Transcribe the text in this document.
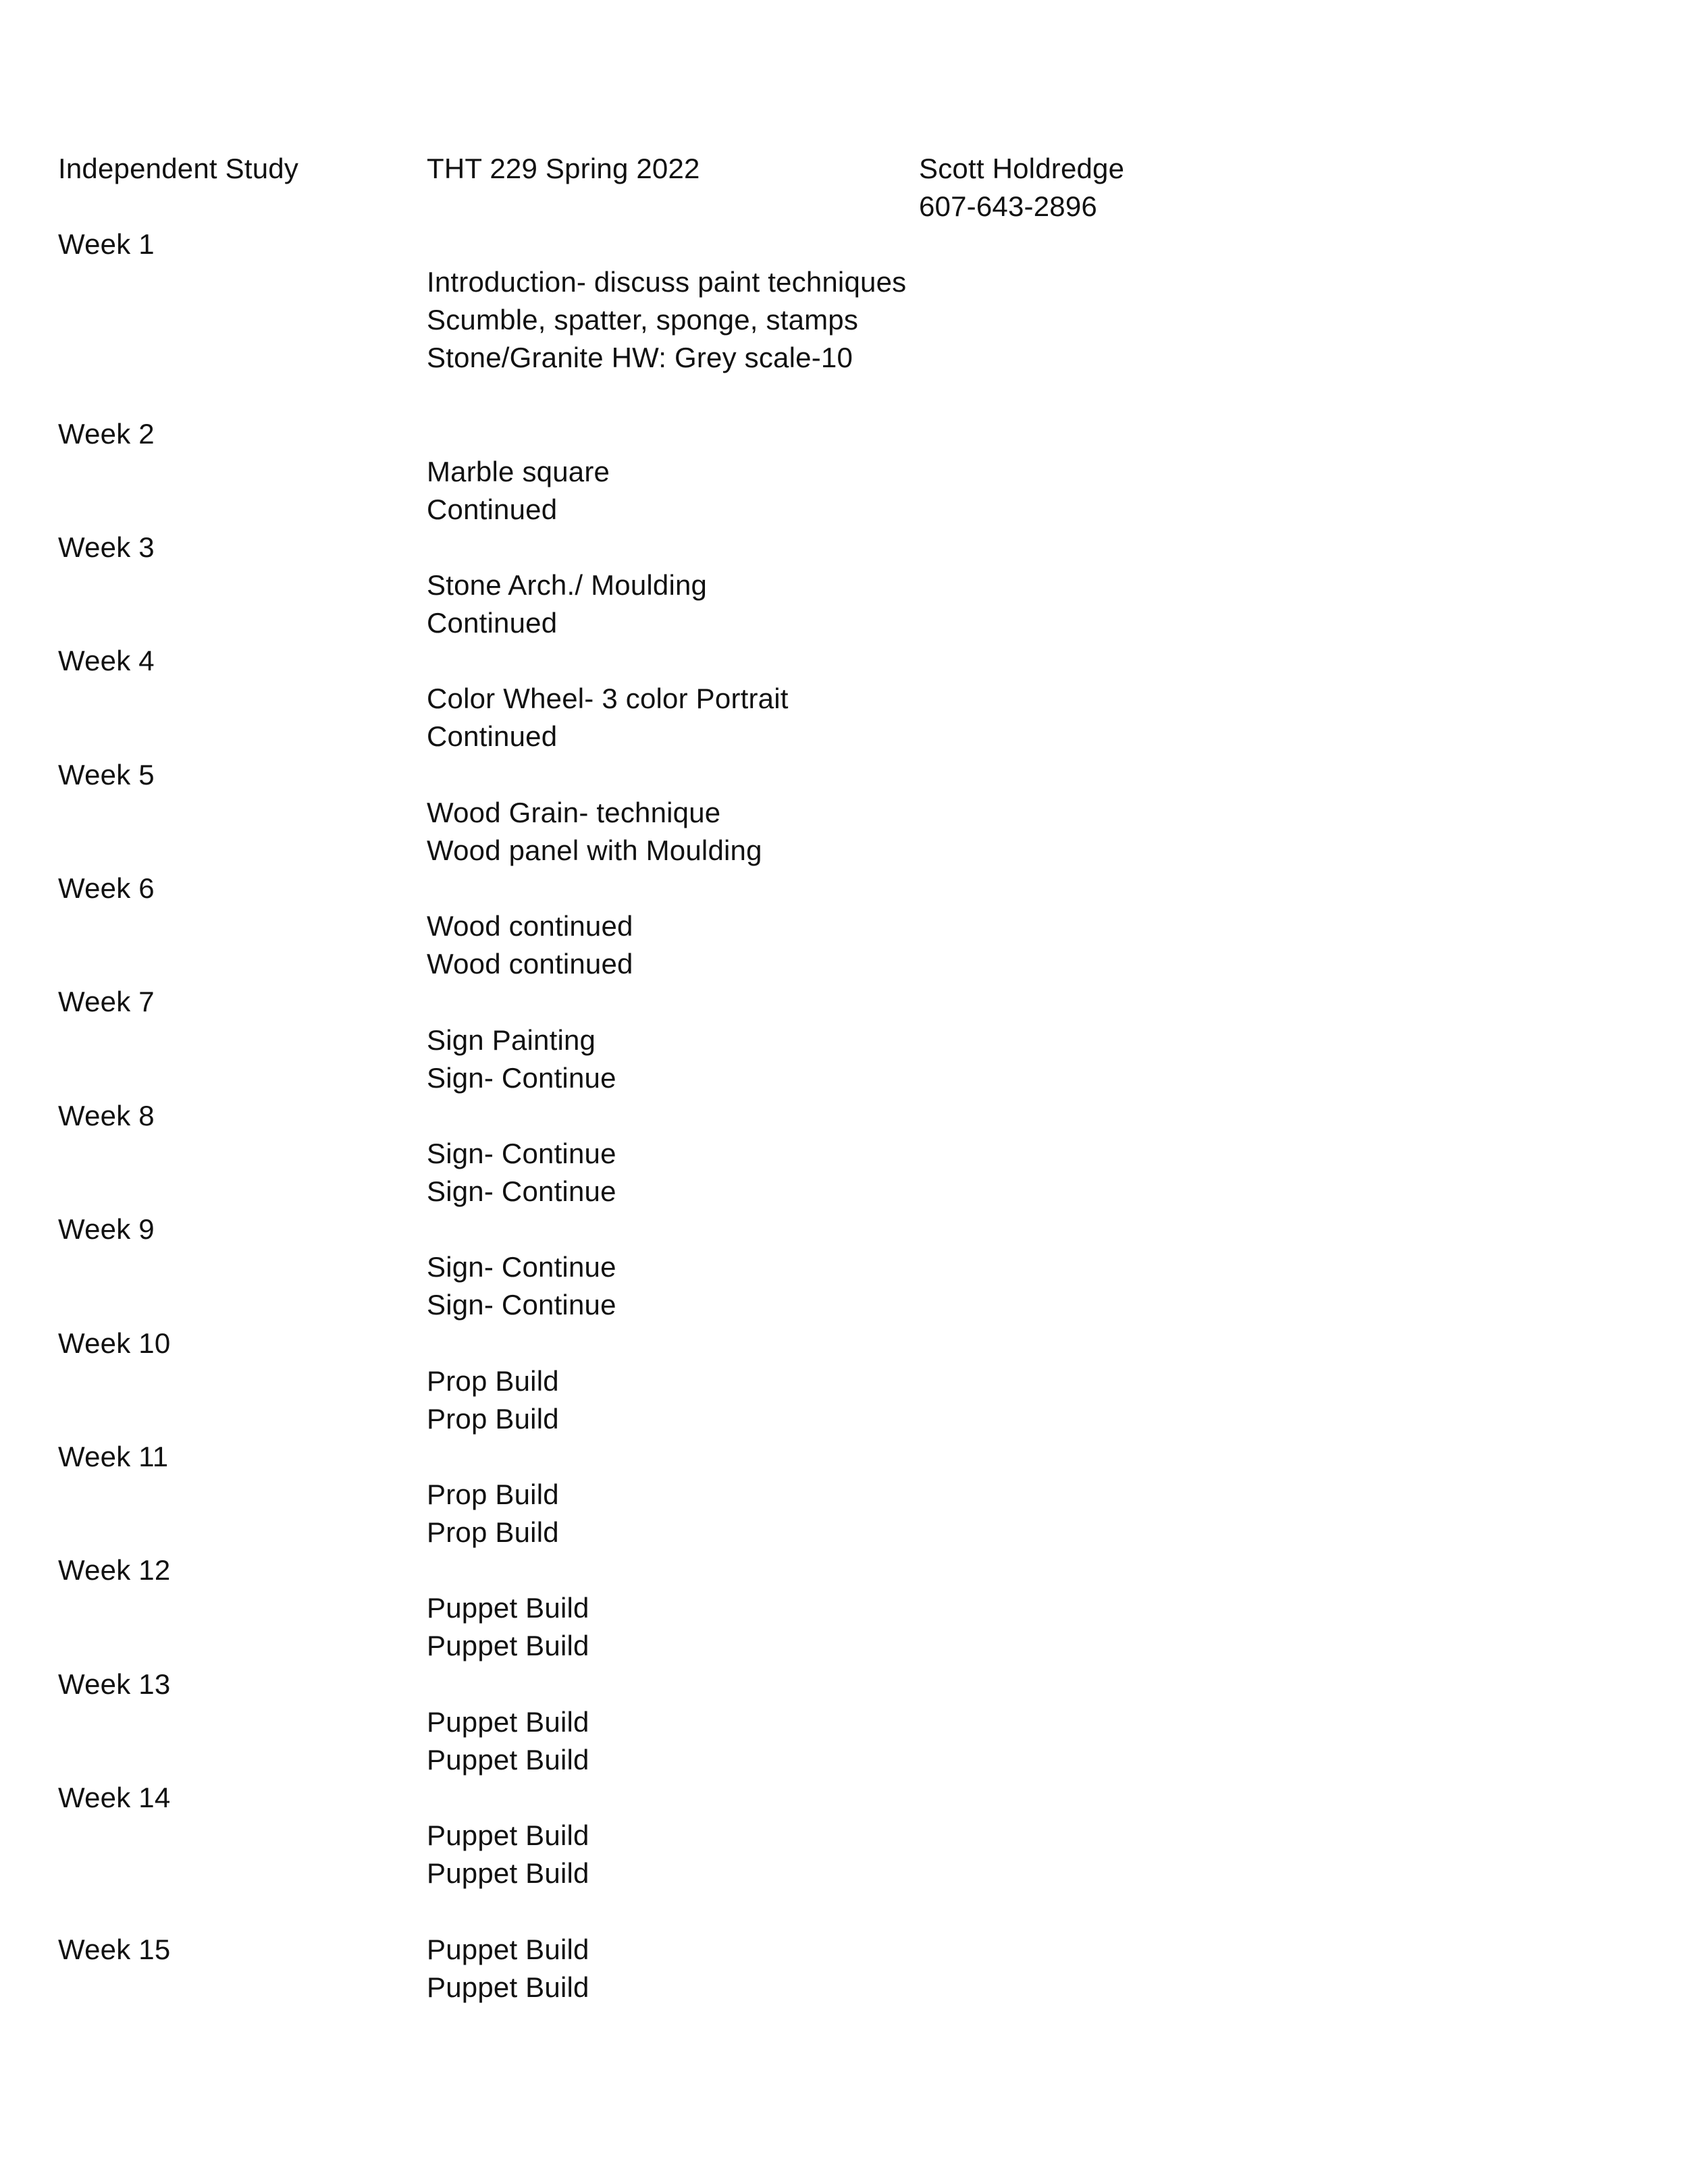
Independent Study	THT 229 Spring 2022	Scott Holdredge
607-643-2896
Week 1
Introduction- discuss paint techniques
Scumble, spatter, sponge, stamps
Stone/Granite HW: Grey scale-10
Week 2
Marble square
Continued
Week 3
Stone Arch./ Moulding
Continued
Week 4
Color Wheel- 3 color Portrait
Continued
Week 5
Wood Grain- technique
Wood panel with Moulding
Week 6
Wood continued
Wood continued
Week 7
Sign Painting
Sign- Continue
Week 8
Sign- Continue
Sign- Continue
Week 9
Sign- Continue
Sign- Continue
Week 10
Prop Build
Prop Build
Week 11
Prop Build
Prop Build
Week 12
Puppet Build
Puppet Build
Week 13
Puppet Build
Puppet Build
Week 14
Puppet Build
Puppet Build
Week 15	Puppet Build
Puppet Build
